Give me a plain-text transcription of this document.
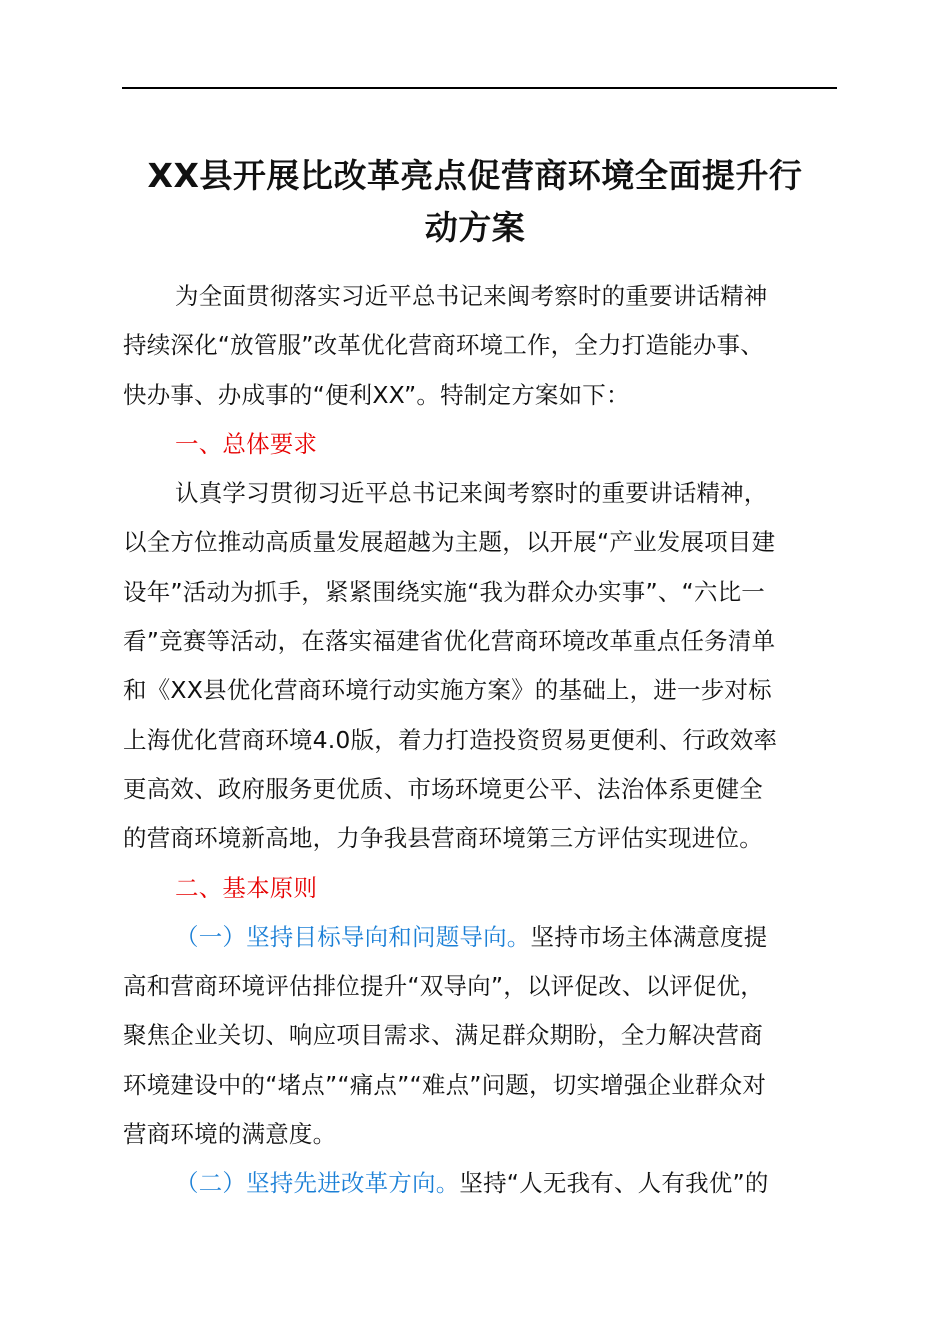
XX县开展比改革亮点促营商环境全面提升行
动方案
为全面贯彻落实习近平总书记来闽考察时的重要讲话精神
持续深化“放管服”改革优化营商环境工作，全力打造能办事、
快办事、办成事的“便利XX”。特制定方案如下：
一、总体要求
认真学习贯彻习近平总书记来闽考察时的重要讲话精神，
以全方位推动高质量发展超越为主题，以开展“产业发展项目建
设年”活动为抓手，紧紧围绕实施“我为群众办实事”、“六比一
看”竞赛等活动，在落实福建省优化营商环境改革重点任务清单
和《XX县优化营商环境行动实施方案》的基础上，进一步对标
上海优化营商环境4.0版，着力打造投资贸易更便利、行政效率
更高效、政府服务更优质、市场环境更公平、法治体系更健全
的营商环境新高地，力争我县营商环境第三方评估实现进位。
二、基本原则
（一）坚持目标导向和问题导向。坚持市场主体满意度提
高和营商环境评估排位提升“双导向”，以评促改、以评促优，
聚焦企业关切、响应项目需求、满足群众期盼，全力解决营商
环境建设中的“堵点”“痛点”“难点”问题，切实增强企业群众对
营商环境的满意度。
（二）坚持先进改革方向。坚持“人无我有、人有我优”的
